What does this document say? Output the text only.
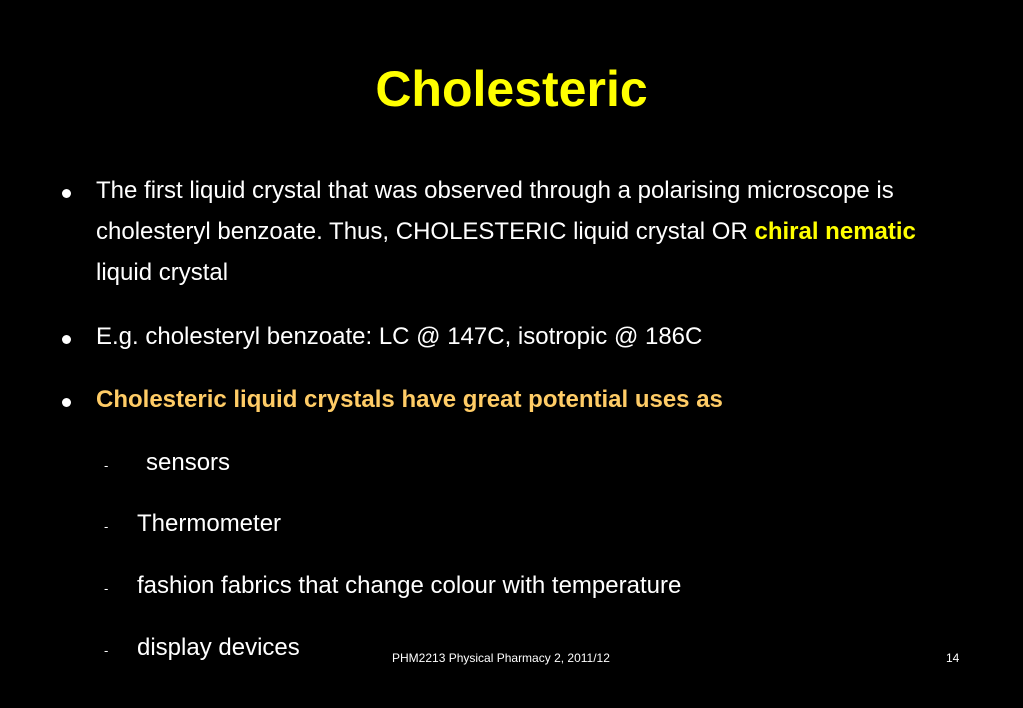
Cholesteric
The first liquid crystal that was observed through a polarising microscope is cholesteryl benzoate. Thus, CHOLESTERIC liquid crystal OR chiral nematic liquid crystal
E.g. cholesteryl benzoate: LC @ 147C, isotropic @ 186C
Cholesteric liquid crystals have great potential uses as
- sensors
- Thermometer
- fashion fabrics that change colour with temperature
- display devices	PHM2213 Physical Pharmacy 2, 2011/12	14
